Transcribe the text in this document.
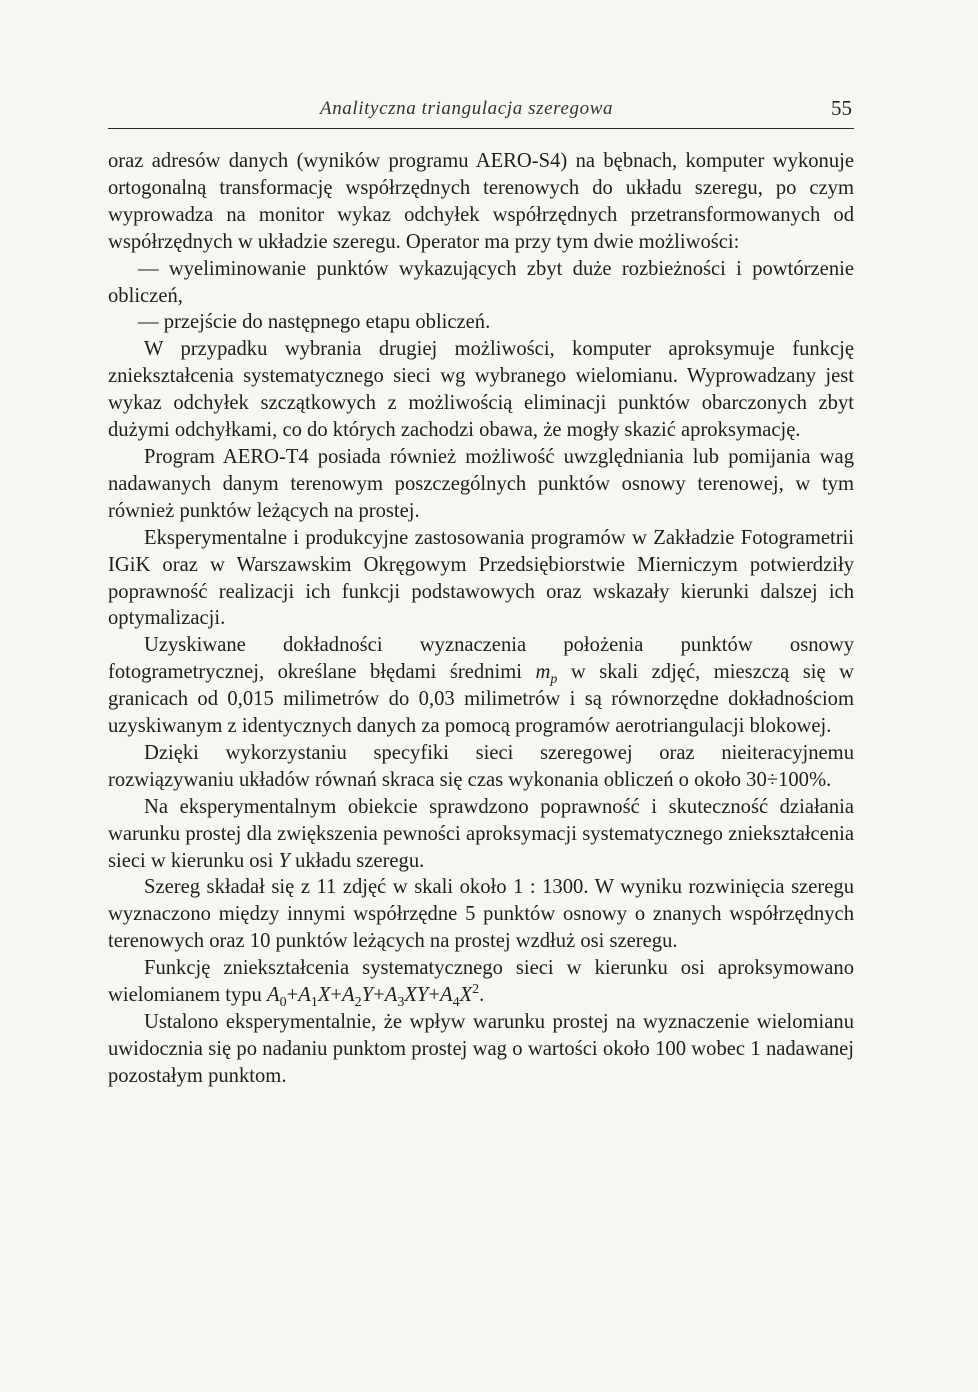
Analityczna triangulacja szeregowa	55

oraz adresów danych (wyników programu AERO-S4) na bębnach, komputer wykonuje ortogonalną transformację współrzędnych terenowych do układu szeregu, po czym wyprowadza na monitor wykaz odchyłek współrzędnych przetransformowanych od współrzędnych w układzie szeregu. Operator ma przy tym dwie możliwości:

— wyeliminowanie punktów wykazujących zbyt duże rozbieżności i powtórzenie obliczeń,

— przejście do następnego etapu obliczeń.

W przypadku wybrania drugiej możliwości, komputer aproksymuje funkcję zniekształcenia systematycznego sieci wg wybranego wielomianu. Wyprowadzany jest wykaz odchyłek szczątkowych z możliwością eliminacji punktów obarczonych zbyt dużymi odchyłkami, co do których zachodzi obawa, że mogły skazić aproksymację.

Program AERO-T4 posiada również możliwość uwzględniania lub pomijania wag nadawanych danym terenowym poszczególnych punktów osnowy terenowej, w tym również punktów leżących na prostej.

Eksperymentalne i produkcyjne zastosowania programów w Zakładzie Fotogrametrii IGiK oraz w Warszawskim Okręgowym Przedsiębiorstwie Mierniczym potwierdziły poprawność realizacji ich funkcji podstawowych oraz wskazały kierunki dalszej ich optymalizacji.

Uzyskiwane dokładności wyznaczenia położenia punktów osnowy fotogrametrycznej, określane błędami średnimi $m_p$ w skali zdjęć, mieszczą się w granicach od 0,015 milimetrów do 0,03 milimetrów i są równorzędne dokładnościom uzyskiwanym z identycznych danych za pomocą programów aerotriangulacji blokowej.

Dzięki wykorzystaniu specyfiki sieci szeregowej oraz nieiteracyjnemu rozwiązywaniu układów równań skraca się czas wykonania obliczeń o około 30÷100%.

Na eksperymentalnym obiekcie sprawdzono poprawność i skuteczność działania warunku prostej dla zwiększenia pewności aproksymacji systematycznego zniekształcenia sieci w kierunku osi Y układu szeregu.

Szereg składał się z 11 zdjęć w skali około 1 : 1300. W wyniku rozwinięcia szeregu wyznaczono między innymi współrzędne 5 punktów osnowy o znanych współrzędnych terenowych oraz 10 punktów leżących na prostej wzdłuż osi szeregu.

Funkcję zniekształcenia systematycznego sieci w kierunku osi aproksymowano wielomianem typu $A_0+A_1X+A_2Y+A_3XY+A_4X^2$.

Ustalono eksperymentalnie, że wpływ warunku prostej na wyznaczenie wielomianu uwidocznia się po nadaniu punktom prostej wag o wartości około 100 wobec 1 nadawanej pozostałym punktom.
